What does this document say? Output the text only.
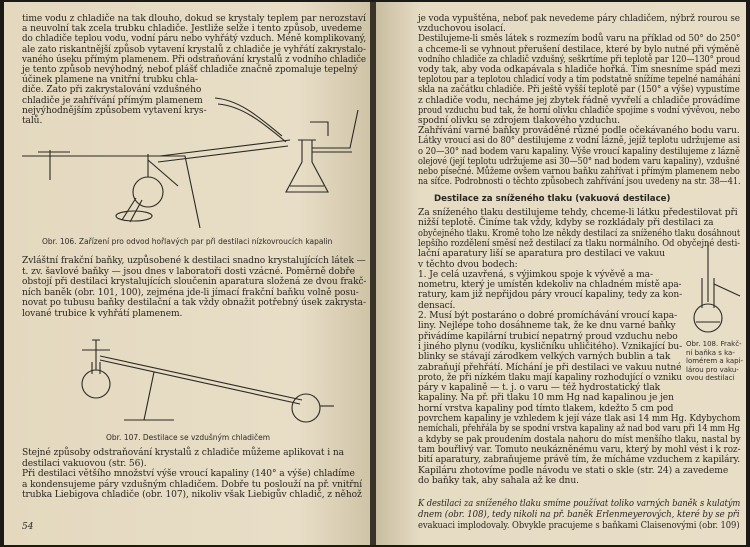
time vodu z chladiče na tak dlouho, dokud se krystaly teplem par nerozstaví
a neuvolní tak zcela trubku chladiče. Jestliže selže i tento způsob, uvedeme
do chladiče teplou vodu, vodní páru nebo vyhřátý vzduch. Méně komplikovaný,
ale zato riskantnější způsob vytavení krystalů z chladiče je vyhřátí zakrystalo-
vaného úseku přímým plamenem. Při odstraňování krystalů z vodního chladiče
je tento způsob nevýhodný, neboť plášť chladiče značně zpomaluje tepelný
účinek plamene na vnitřní trubku chla-
diče. Zato při zakrystalování vzdušného
chladiče je zahřívání přímým plamenem
nejvýhodnějším způsobem vytavení krys-
talů.
Obr. 106. Zařízení pro odvod hořlavých par při destilaci nízkovroucích kapalin
Zvláštní frakční baňky, uzpůsobené k destilaci snadno krystalujících látek —
t. zv. šavlové baňky — jsou dnes v laboratoři dosti vzácné. Poměrně dobře
obstojí při destilaci krystalujících sloučenin aparatura složená ze dvou frakč-
ních baněk (obr. 101, 100), zejména jde-li jímací frakční baňku volně posu-
novat po tubusu baňky destilační a tak vždy obnažit potřebný úsek zakrysta-
lované trubice k vyhřátí plamenem.
Obr. 107. Destilace se vzdušným chladičem
Stejné způsoby odstraňování krystalů z chladiče můžeme aplikovat i na
destilaci vakuovou (str. 56).
Při destilaci většího množství výše vroucí kapaliny (140° a výše) chladíme
a kondensujeme páry vzdušným chladičem. Dobře tu poslouží na př. vnitřní
trubka Liebigova chladiče (obr. 107), nikoliv však Liebigův chladič, z něhož
54
je voda vypuštěna, neboť pak nevedeme páry chladičem, nýbrž rourou se
vzduchovou isolací.
Destilujeme-li směs látek s rozmezím bodů varu na příklad od 50° do 250°
a chceme-li se vyhnout přerušení destilace, které by bylo nutné při výměně
vodního chladiče za chladič vzdušný, seškrtíme při teplotě par 120—130° proud
vody tak, aby voda odkapávala s hladiče hořká. Tím snesníme spád mezi
teplotou par a teplotou chladicí vody a tím podstatně snížíme tepelné namáhání
skla na začátku chladiče. Při ještě vyšší teplotě par (150° a výše) vypustíme
z chladiče vodu, necháme jej zbytek řádně vyvřelí a chladiče provádíme
proud vzduchu bud tak, že horní olivku chladiče spojíme s vodní vývěvou, nebo
spodní olivku se zdrojem tlakového vzduchu.
Zahřívání varné baňky prováděné různé podle očekávaného bodu varu.
Látky vroucí asi do 80° destilujeme z vodní lázně, jejíž teplotu udržujeme asi
o 20—30° nad bodem varu kapaliny. Výše vroucí kapaliny destilujeme z lázně
olejové (její teplotu udržujeme asi 30—50° nad bodem varu kapaliny), vzdušné
nebo písečné. Můžeme ovšem varnou baňku zahřívat i přímým plamenem nebo
na síťce. Podrobnosti o těchto způsobech zahřívání jsou uvedeny na str. 38—41.
Destilace za sníženého tlaku (vakuová destilace)
Za sníženého tlaku destilujeme tehdy, chceme-li látku předestilovat při
nižší teplotě. Činíme tak vždy, kdyby se rozkládaly při destilaci za
obyčejného tlaku. Kromě toho lze někdy destilací za sníženého tlaku dosáhnout
lepšího rozdělení směsí než destilací za tlaku normálního. Od obyčejné desti-
lační aparatury liší se aparatura pro destilaci ve vakuu
v těchto dvou bodech:
1. Je celá uzavřená, s výjimkou spoje k vývěvě a ma-
nometru, který je umístěn kdekoliv na chladném místě apa-
ratury, kam již nepřijdou páry vroucí kapaliny, tedy za kon-
densací.
2. Musí být postaráno o dobré promíchávání vroucí kapa-
liny. Nejlépe toho dosáhneme tak, že ke dnu varné baňky
přivádíme kapilární trubicí nepatrný proud vzduchu nebo
i jiného plynu (vodíku, kysličníku uhličitého). Vznikající bu-
blinky se stávají zárodkem velkých varných bublin a tak
zabraňují přehřátí. Míchání je při destilaci ve vakuu nutné
proto, že při nízkém tlaku mají kapaliny rozhodující o vzniku
páry v kapalině — t. j. o varu — též hydrostatický tlak
kapaliny. Na př. při tlaku 10 mm Hg nad kapalinou je jen
horní vrstva kapaliny pod tímto tlakem, kdežto 5 cm pod
povrchem kapaliny je vzhledem k její váze tlak asi 14 mm Hg. Kdybychom
nemíchali, přehřála by se spodní vrstva kapaliny až nad bod varu při 14 mm Hg
a kdyby se pak proudením dostala nahoru do míst menšího tlaku, nastal by
tam bouřlivý var. Tomuto neukázněnému varu, který by mohl vést i k roz-
bití aparatury, zabraňujeme právě tím, že mícháme vzduchem z kapiláry.
Kapiláru zhotovíme podle návodu ve stati o skle (str. 24) a zavedeme
do baňky tak, aby sahala až ke dnu.
Obr. 108. Frakč-
ní baňka s ka-
lomérem a kapi-
lárou pro vaku-
ovou destilaci
K destilaci za sníženého tlaku smíme používat toliko varných baněk s kulatým
dnem (obr. 108), tedy nikoli na př. baněk Erlenmeyerových, které by se při
evakuaci implodovaly. Obvykle pracujeme s baňkami Claisenovými (obr. 109)
